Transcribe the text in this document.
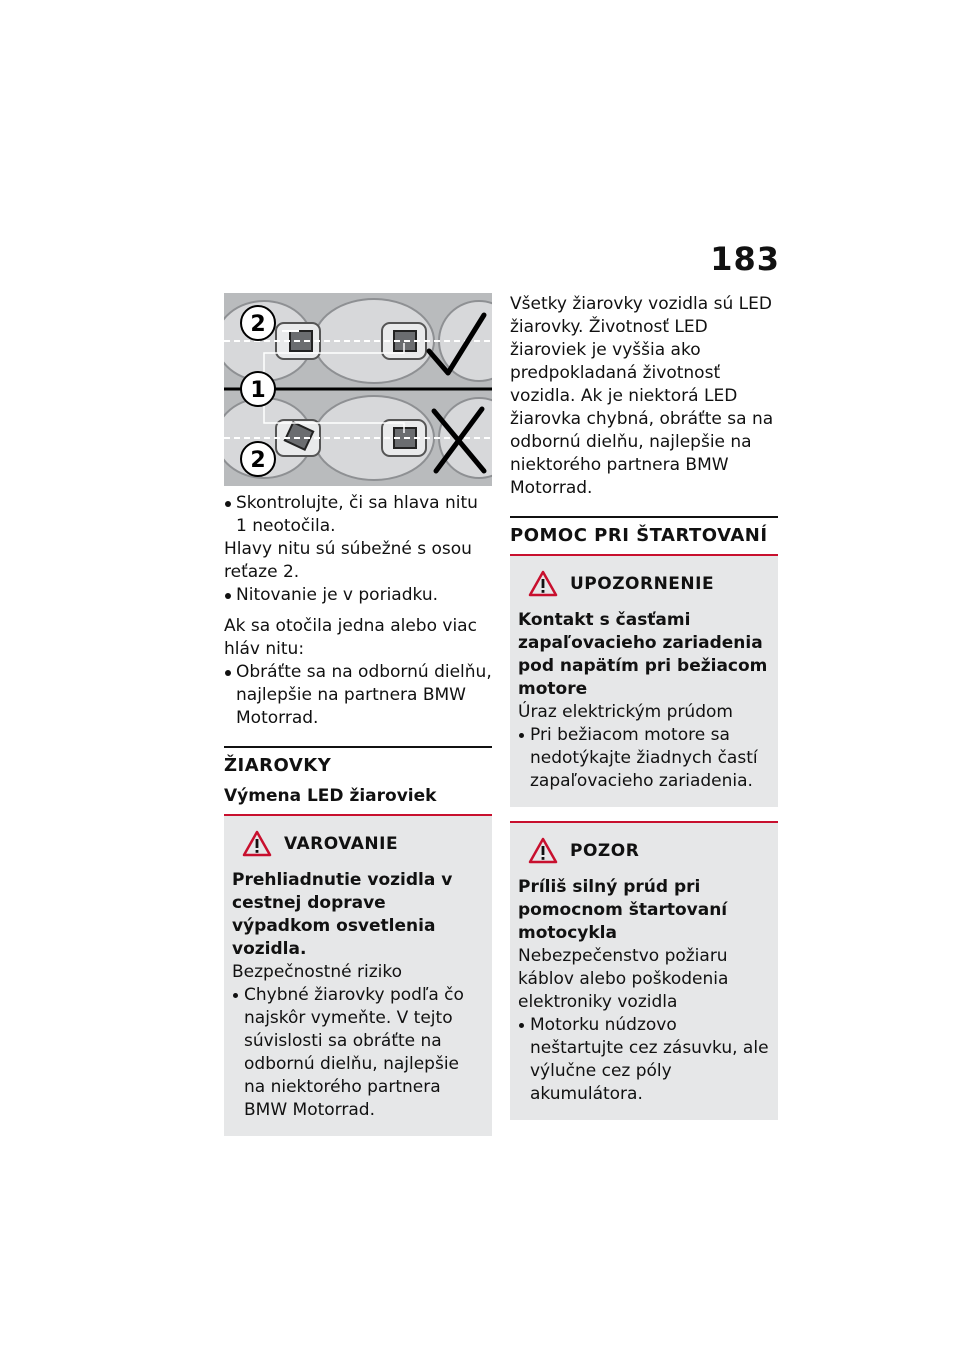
183
2
1
2

Skontrolujte, či sa hlava nitu 1 neotočila.

Hlavy nitu sú súbežné s osou reťaze 2.

Nitovanie je v poriadku.

Ak sa otočila jedna alebo viac hláv nitu:

Obráťte sa na odbornú dielňu, najlepšie na partnera BMW Motorrad.

ŽIAROVKY
Výmena LED žiaroviek
VAROVANIE

Prehliadnutie vozidla v cestnej doprave výpadkom osvetlenia vozidla.

Bezpečnostné riziko

Chybné žiarovky podľa čo najskôr vymeňte. V tejto súvislosti sa obráťte na odbornú dielňu, najlepšie na niektorého partnera BMW Motorrad.

Všetky žiarovky vozidla sú LED žiarovky. Životnosť LED žiaroviek je vyššia ako predpokladaná životnosť vozidla. Ak je niektorá LED žiarovka chybná, obráťte sa na odbornú dielňu, najlepšie na niektorého partnera BMW Motorrad.

POMOC PRI ŠTARTOVANÍ
UPOZORNENIE

Kontakt s časťami zapaľovacieho zariadenia pod napätím pri bežiacom motore

Úraz elektrickým prúdom

Pri bežiacom motore sa nedotýkajte žiadnych častí zapaľovacieho zariadenia.

POZOR

Príliš silný prúd pri pomocnom štartovaní motocykla

Nebezpečenstvo požiaru káblov alebo poškodenia elektroniky vozidla

Motorku núdzovo neštartujte cez zásuvku, ale výlučne cez póly akumulátora.
